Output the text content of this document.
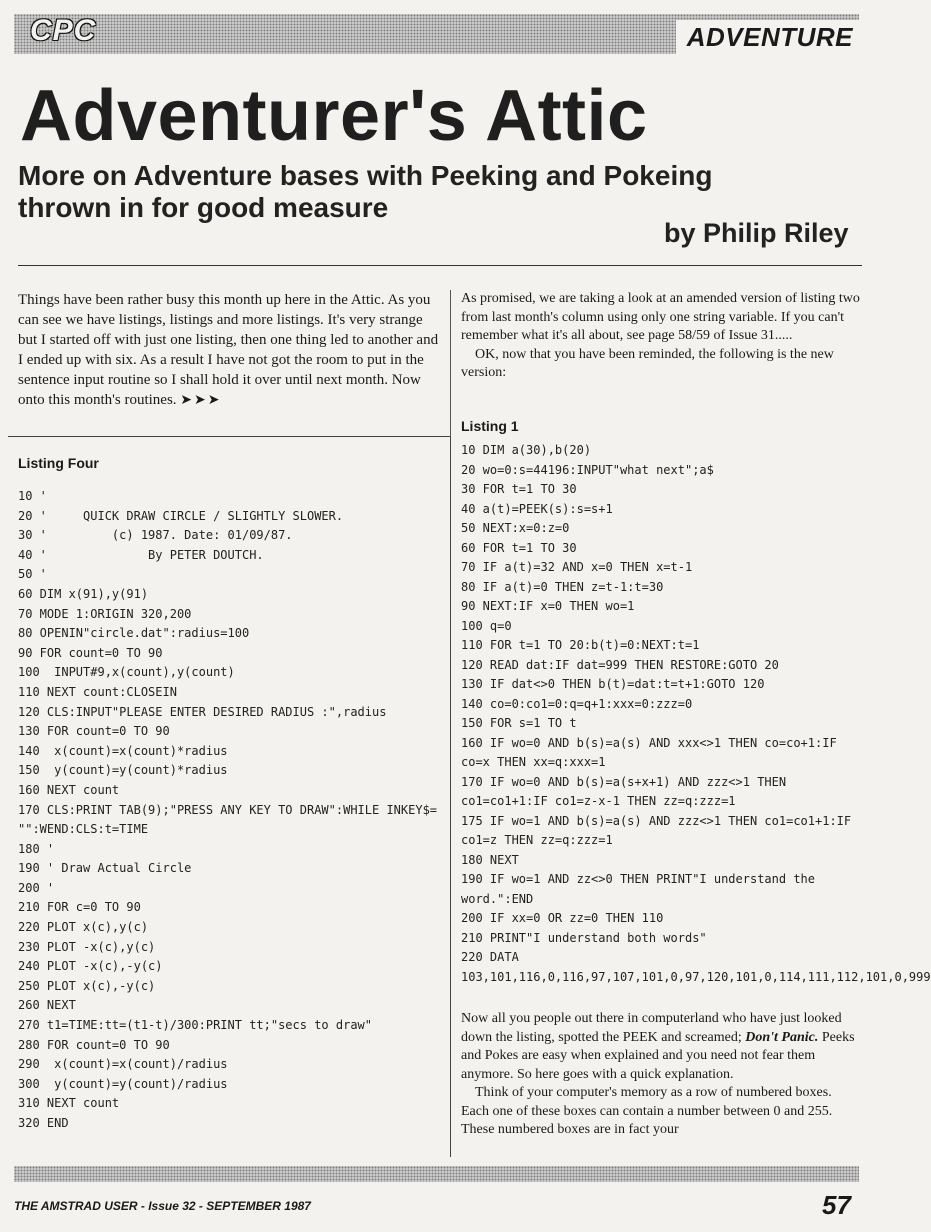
CPC	ADVENTURE
Adventurer's Attic
More on Adventure bases with Peeking and Pokeing thrown in for good measure
by Philip Riley
Things have been rather busy this month up here in the Attic. As you can see we have listings, listings and more listings. It's very strange but I started off with just one listing, then one thing led to another and I ended up with six. As a result I have not got the room to put in the sentence input routine so I shall hold it over until next month. Now onto this month's routines. ➤➤➤
Listing Four
10 '
20 '     QUICK DRAW CIRCLE / SLIGHTLY SLOWER.
30 '         (c) 1987. Date: 01/09/87.
40 '              By PETER DOUTCH.
50 '
60 DIM x(91),y(91)
70 MODE 1:ORIGIN 320,200
80 OPENIN"circle.dat":radius=100
90 FOR count=0 TO 90
100  INPUT#9,x(count),y(count)
110 NEXT count:CLOSEIN
120 CLS:INPUT"PLEASE ENTER DESIRED RADIUS :",radius
130 FOR count=0 TO 90
140  x(count)=x(count)*radius
150  y(count)=y(count)*radius
160 NEXT count
170 CLS:PRINT TAB(9);"PRESS ANY KEY TO DRAW":WHILE INKEY$=
"":WEND:CLS:t=TIME
180 '
190 ' Draw Actual Circle
200 '
210 FOR c=0 TO 90
220 PLOT x(c),y(c)
230 PLOT -x(c),y(c)
240 PLOT -x(c),-y(c)
250 PLOT x(c),-y(c)
260 NEXT
270 t1=TIME:tt=(t1-t)/300:PRINT tt;"secs to draw"
280 FOR count=0 TO 90
290  x(count)=x(count)/radius
300  y(count)=y(count)/radius
310 NEXT count
320 END

As promised, we are taking a look at an amended version of listing two from last month's column using only one string variable. If you can't remember what it's all about, see page 58/59 of Issue 31.....

OK, now that you have been reminded, the following is the new version:

Listing 1
10 DIM a(30),b(20)
20 wo=0:s=44196:INPUT"what next";a$
30 FOR t=1 TO 30
40 a(t)=PEEK(s):s=s+1
50 NEXT:x=0:z=0
60 FOR t=1 TO 30
70 IF a(t)=32 AND x=0 THEN x=t-1
80 IF a(t)=0 THEN z=t-1:t=30
90 NEXT:IF x=0 THEN wo=1
100 q=0
110 FOR t=1 TO 20:b(t)=0:NEXT:t=1
120 READ dat:IF dat=999 THEN RESTORE:GOTO 20
130 IF dat<>0 THEN b(t)=dat:t=t+1:GOTO 120
140 co=0:co1=0:q=q+1:xxx=0:zzz=0
150 FOR s=1 TO t
160 IF wo=0 AND b(s)=a(s) AND xxx<>1 THEN co=co+1:IF co=x THEN xx=q:xxx=1
170 IF wo=0 AND b(s)=a(s+x+1) AND zzz<>1 THEN co1=co1+1:IF co1=z-x-1 THEN zz=q:zzz=1
175 IF wo=1 AND b(s)=a(s) AND zzz<>1 THEN co1=co1+1:IF co1=z THEN zz=q:zzz=1
180 NEXT
190 IF wo=1 AND zz<>0 THEN PRINT"I understand the word.":END
200 IF xx=0 OR zz=0 THEN 110
210 PRINT"I understand both words"
220 DATA 103,101,116,0,116,97,107,101,0,97,120,101,0,114,111,112,101,0,999

Now all you people out there in computerland who have just looked down the listing, spotted the PEEK and screamed; Don't Panic. Peeks and Pokes are easy when explained and you need not fear them anymore. So here goes with a quick explanation.

Think of your computer's memory as a row of numbered boxes. Each one of these boxes can contain a number between 0 and 255. These numbered boxes are in fact your

THE AMSTRAD USER - Issue 32 - SEPTEMBER 1987	57
